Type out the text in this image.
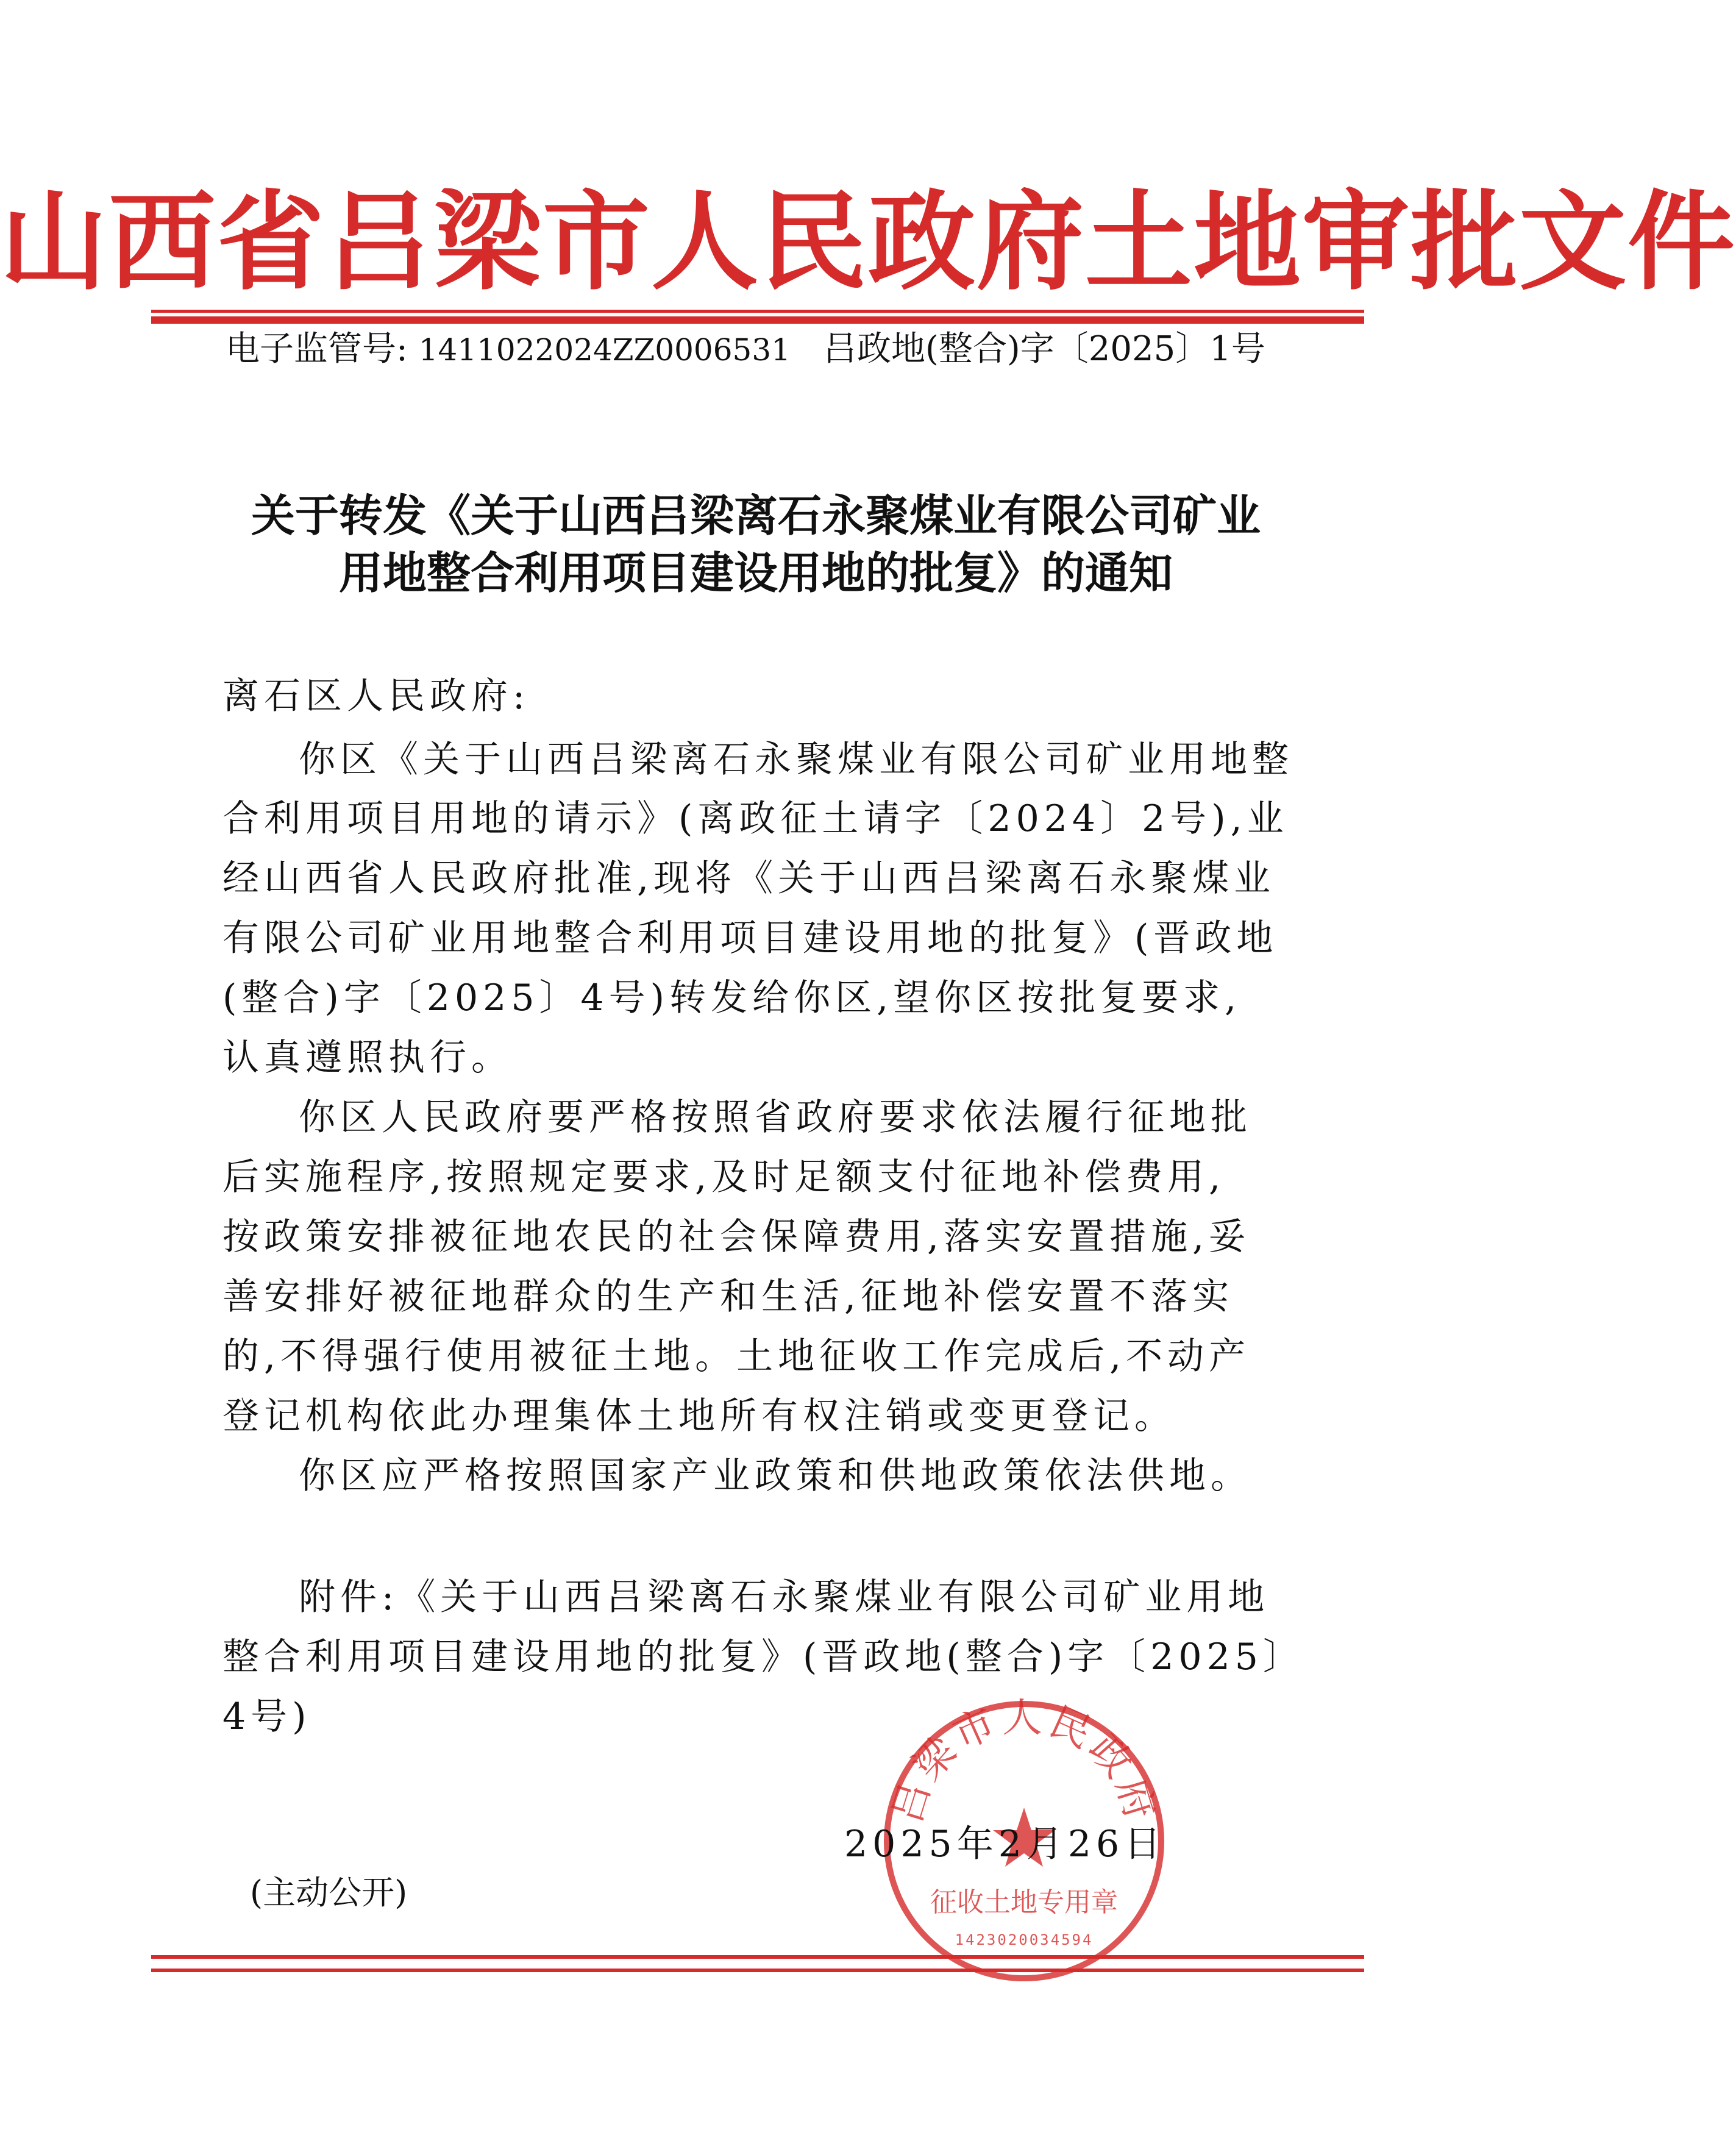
山西省吕梁市人民政府土地审批文件
电子监管号: 1411022024ZZ0006531 吕政地(整合)字〔2025〕1号
关于转发《关于山西吕梁离石永聚煤业有限公司矿业
用地整合利用项目建设用地的批复》的通知
离石区人民政府:
你区《关于山西吕梁离石永聚煤业有限公司矿业用地整
合利用项目用地的请示》(离政征土请字〔2024〕2号),业
经山西省人民政府批准,现将《关于山西吕梁离石永聚煤业
有限公司矿业用地整合利用项目建设用地的批复》(晋政地
(整合)字〔2025〕4号)转发给你区,望你区按批复要求,
认真遵照执行。
你区人民政府要严格按照省政府要求依法履行征地批
后实施程序,按照规定要求,及时足额支付征地补偿费用,
按政策安排被征地农民的社会保障费用,落实安置措施,妥
善安排好被征地群众的生产和生活,征地补偿安置不落实
的,不得强行使用被征土地。土地征收工作完成后,不动产
登记机构依此办理集体土地所有权注销或变更登记。
你区应严格按照国家产业政策和供地政策依法供地。
附件:《关于山西吕梁离石永聚煤业有限公司矿业用地
整合利用项目建设用地的批复》(晋政地(整合)字〔2025〕
4号)
吕梁市人民政府
征收土地专用章
1423020034594
2025年2月26日
(主动公开)
